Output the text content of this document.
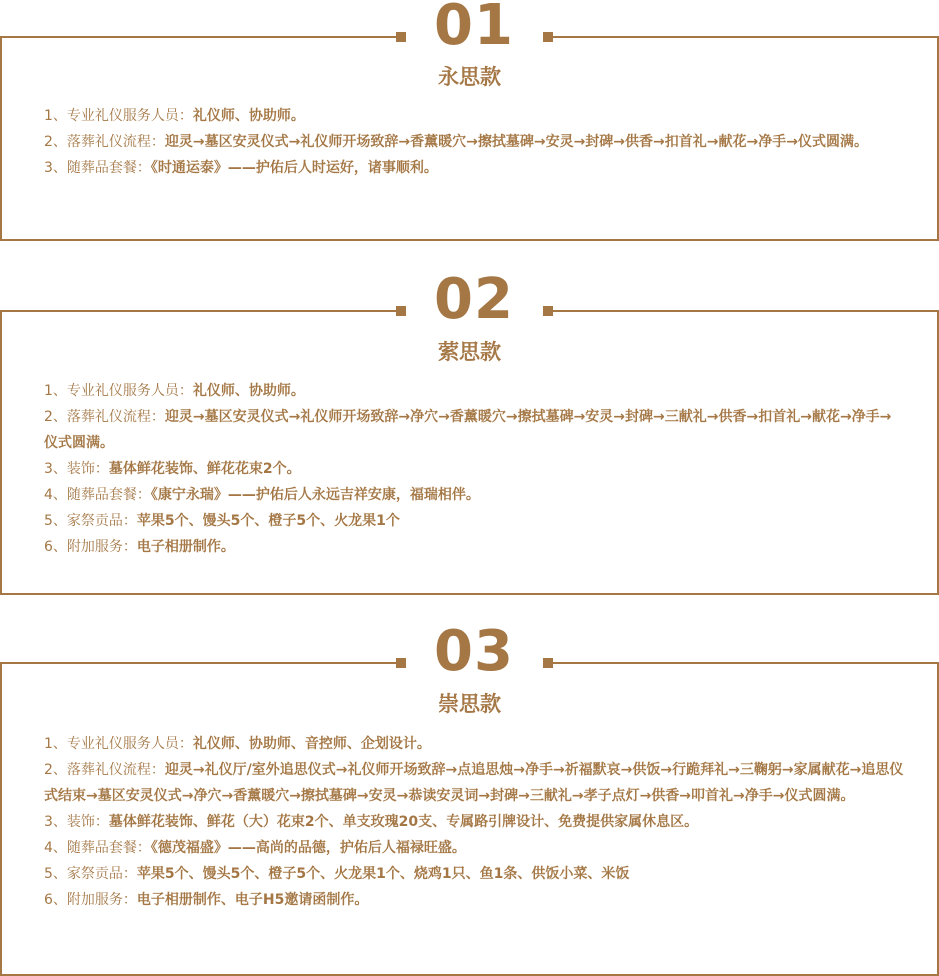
01
永思款

1、专业礼仪服务人员：礼仪师、协助师。

2、落葬礼仪流程：迎灵→墓区安灵仪式→礼仪师开场致辞→香薰暖穴→擦拭墓碑→安灵→封碑→供香→扣首礼→献花→净手→仪式圆满。

3、随葬品套餐：《时通运泰》——护佑后人时运好，诸事顺利。

02
萦思款

1、专业礼仪服务人员：礼仪师、协助师。

2、落葬礼仪流程：迎灵→墓区安灵仪式→礼仪师开场致辞→净穴→香薰暖穴→擦拭墓碑→安灵→封碑→三献礼→供香→扣首礼→献花→净手→仪式圆满。

3、装饰：墓体鲜花装饰、鲜花花束2个。

4、随葬品套餐：《康宁永瑞》——护佑后人永远吉祥安康，福瑞相伴。

5、家祭贡品：苹果5个、馒头5个、橙子5个、火龙果1个

6、附加服务：电子相册制作。

03
崇思款

1、专业礼仪服务人员：礼仪师、协助师、音控师、企划设计。

2、落葬礼仪流程：迎灵→礼仪厅/室外追思仪式→礼仪师开场致辞→点追思烛→净手→祈福默哀→供饭→行跪拜礼→三鞠躬→家属献花→追思仪式结束→墓区安灵仪式→净穴→香薰暖穴→擦拭墓碑→安灵→恭读安灵词→封碑→三献礼→孝子点灯→供香→叩首礼→净手→仪式圆满。

3、装饰：墓体鲜花装饰、鲜花（大）花束2个、单支玫瑰20支、专属路引牌设计、免费提供家属休息区。

4、随葬品套餐：《德茂福盛》——高尚的品德，护佑后人福禄旺盛。

5、家祭贡品：苹果5个、馒头5个、橙子5个、火龙果1个、烧鸡1只、鱼1条、供饭小菜、米饭

6、附加服务：电子相册制作、电子H5邀请函制作。
